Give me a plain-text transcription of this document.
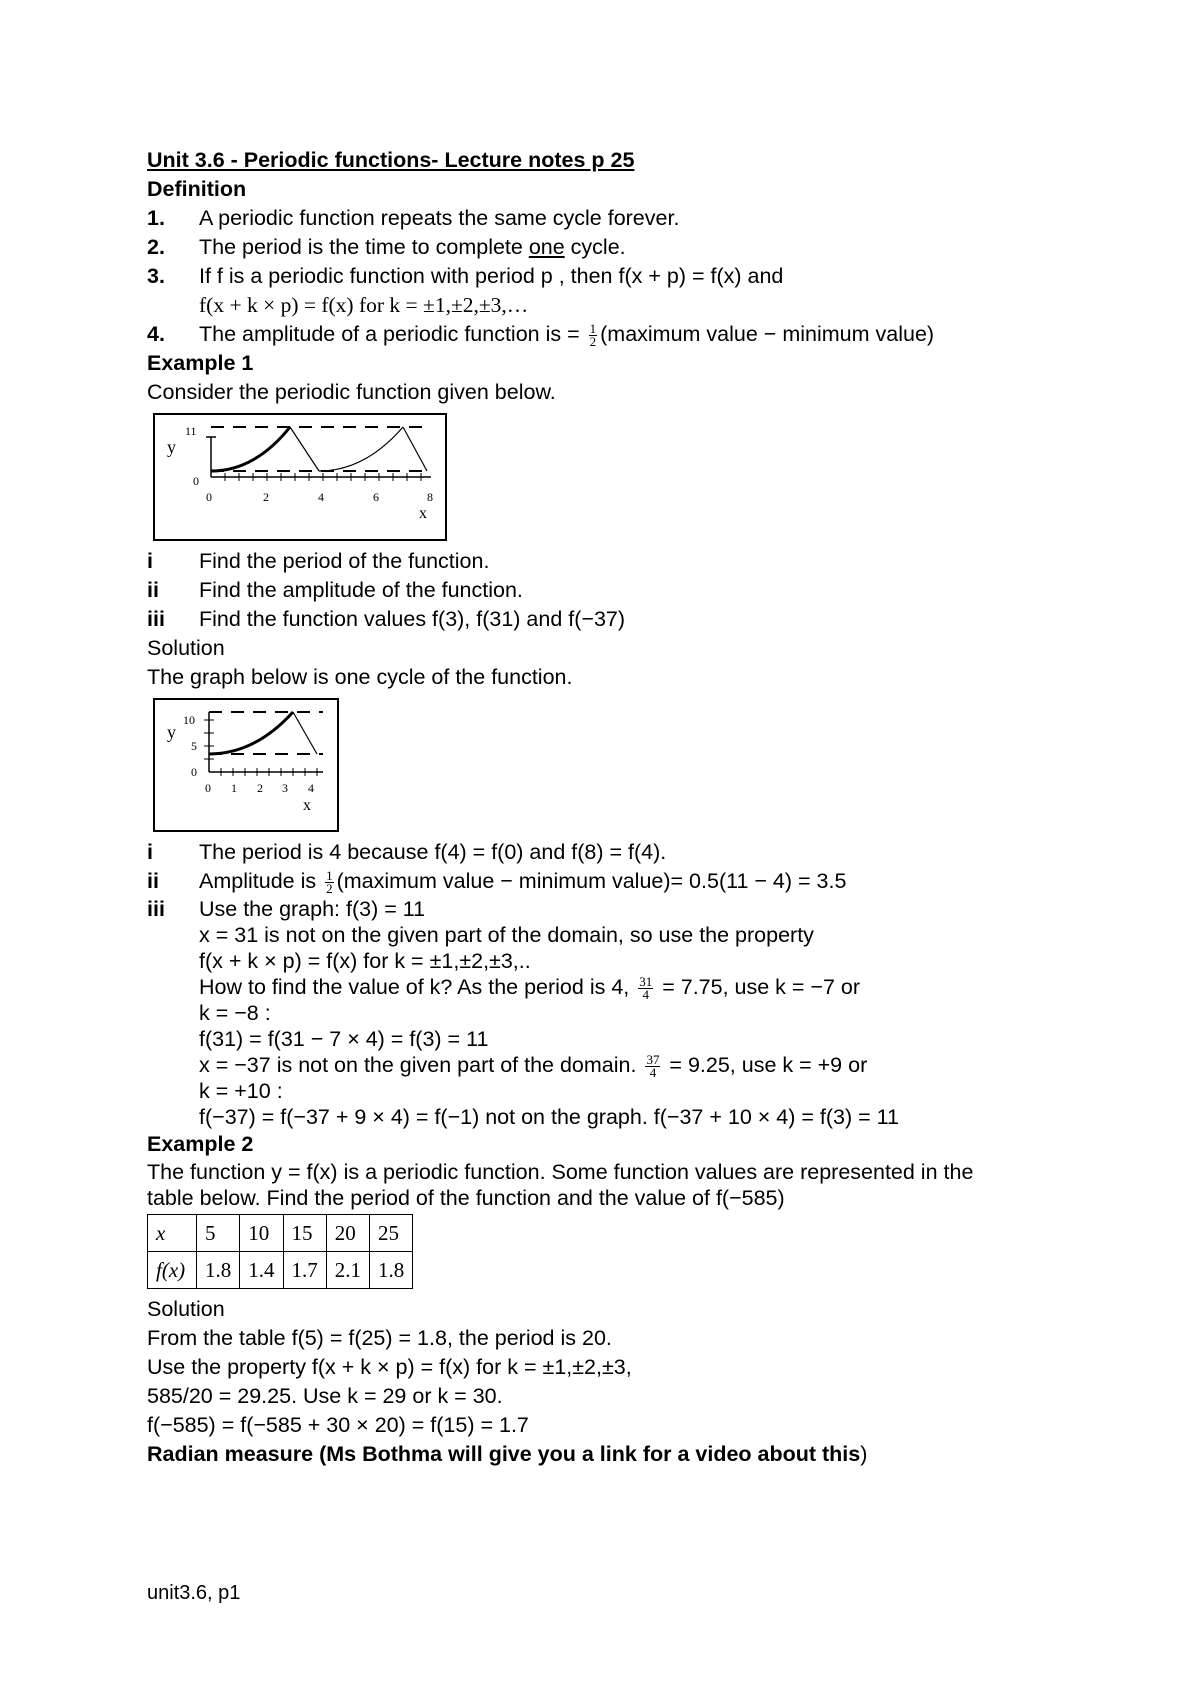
Unit 3.6 - Periodic functions- Lecture notes p 25
Definition
1. A periodic function repeats the same cycle forever.
2. The period is the time to complete one cycle.
3. If f is a periodic function with period p , then f(x + p) = f(x) and
f(x + k × p) = f(x) for k = ±1,±2,±3,…
4. The amplitude of a periodic function is = $\frac{1}{2}$ (maximum value − minimum value)
Example 1
Consider the periodic function given below.
y
11
0
0	2	4	6	8
x
i Find the period of the function.
ii Find the amplitude of the function.
iii Find the function values f(3), f(31) and f(−37)
Solution
The graph below is one cycle of the function.
y
10
5
0
0 1 2 3 4
x
i The period is 4 because f(4) = f(0) and f(8) = f(4).
ii Amplitude is $\frac{1}{2}$ (maximum value − minimum value)= 0.5(11 − 4) = 3.5
iii Use the graph: f(3) = 11
x = 31 is not on the given part of the domain, so use the property
f(x + k × p) = f(x) for k = ±1,±2,±3,..
How to find the value of k? As the period is 4, $\frac{31}{4} = 7.75$, use k = −7 or
k = −8 :
f(31) = f(31 − 7 × 4) = f(3) = 11
x = −37 is not on the given part of the domain. $\frac{37}{4} = 9.25$, use k = +9 or
k = +10 :
f(−37) = f(−37 + 9 × 4) = f(−1) not on the graph. f(−37 + 10 × 4) = f(3) = 11
Example 2
The function y = f(x) is a periodic function. Some function values are represented in the
table below. Find the period of the function and the value of f(−585)
x	5	10	15	20	25
f(x)	1.8	1.4	1.7	2.1	1.8
Solution
From the table f(5) = f(25) = 1.8, the period is 20.
Use the property f(x + k × p) = f(x) for k = ±1,±2,±3,
585/20 = 29.25. Use k = 29 or k = 30.
f(−585) = f(−585 + 30 × 20) = f(15) = 1.7
Radian measure (Ms Bothma will give you a link for a video about this)
unit3.6, p1
